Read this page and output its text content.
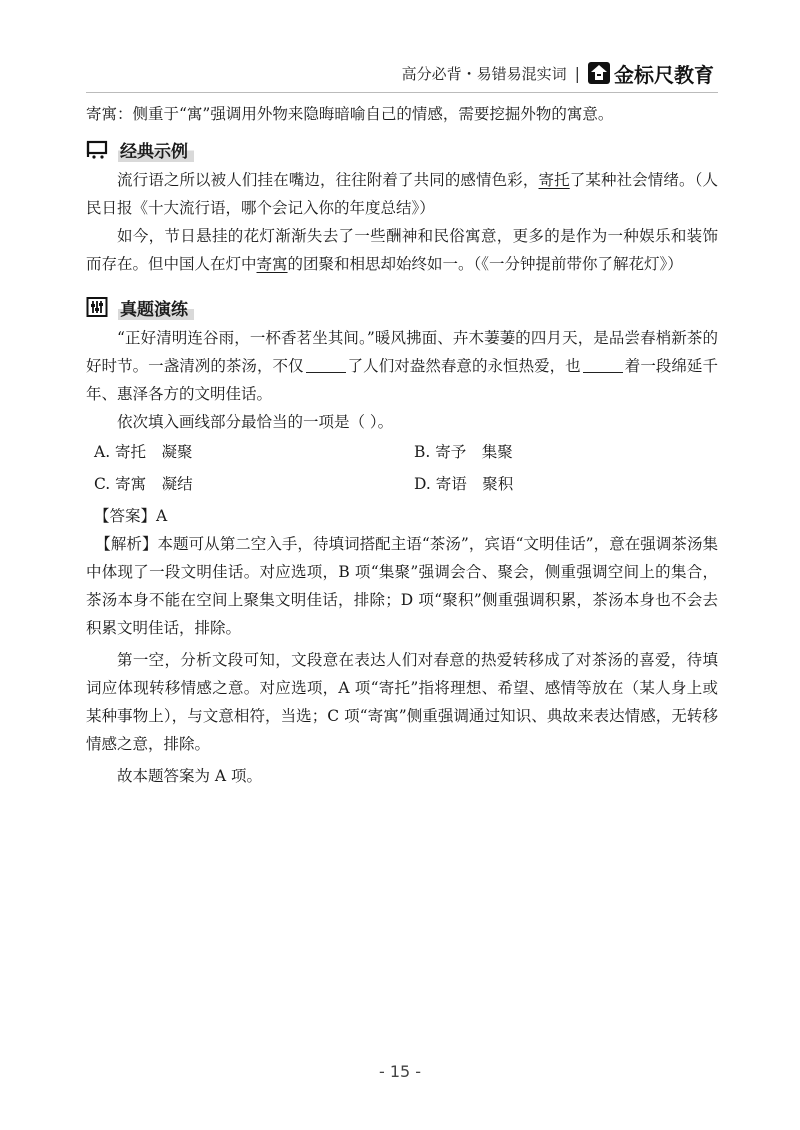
高分必背・易错易混实词 | 金标尺教育

寄寓：侧重于“寓”强调用外物来隐晦暗喻自己的情感，需要挖掘外物的寓意。

经典示例

流行语之所以被人们挂在嘴边，往往附着了共同的感情色彩，寄托了某种社会情绪。（人民日报《十大流行语，哪个会记入你的年度总结》）

如今，节日悬挂的花灯渐渐失去了一些酬神和民俗寓意，更多的是作为一种娱乐和装饰而存在。但中国人在灯中寄寓的团聚和相思却始终如一。（《一分钟提前带你了解花灯》）

真题演练

“正好清明连谷雨，一杯香茗坐其间。”暖风拂面、卉木萋萋的四月天，是品尝春梢新茶的好时节。一盏清冽的茶汤，不仅	了人们对盎然春意的永恒热爱，也	着一段绵延千年、惠泽各方的文明佳话。

依次填入画线部分最恰当的一项是（ ）。

A. 寄托　凝聚	B. 寄予　集聚
C. 寄寓　凝结	D. 寄语　聚积

【答案】A

【解析】本题可从第二空入手，待填词搭配主语“茶汤”，宾语“文明佳话”，意在强调茶汤集中体现了一段文明佳话。对应选项，B 项“集聚”强调会合、聚会，侧重强调空间上的集合，茶汤本身不能在空间上聚集文明佳话，排除；D 项“聚积”侧重强调积累，茶汤本身也不会去积累文明佳话，排除。

第一空，分析文段可知，文段意在表达人们对春意的热爱转移成了对茶汤的喜爱，待填词应体现转移情感之意。对应选项，A 项“寄托”指将理想、希望、感情等放在（某人身上或某种事物上），与文意相符，当选；C 项“寄寓”侧重强调通过知识、典故来表达情感，无转移情感之意，排除。

故本题答案为 A 项。

- 15 -
